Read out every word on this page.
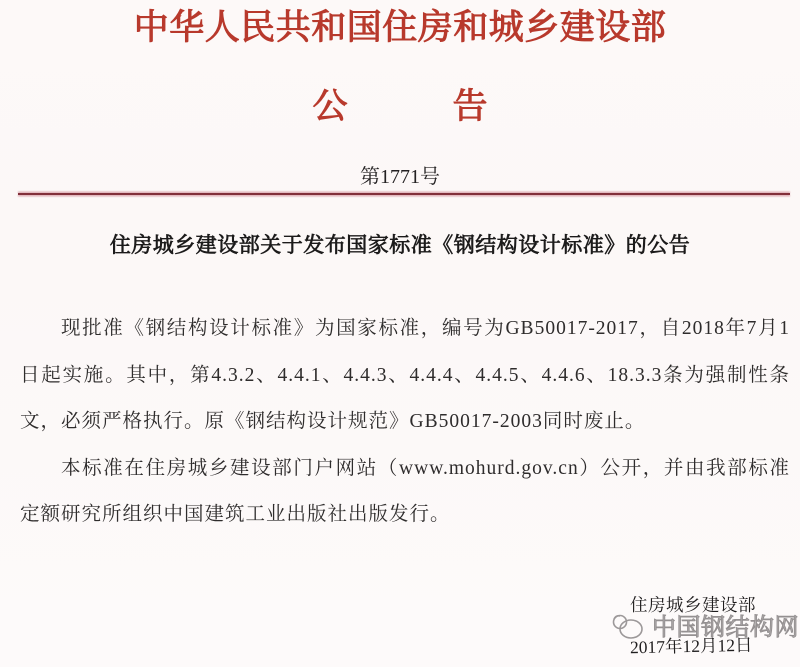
中华人民共和国住房和城乡建设部
公　　　告
第1771号
住房城乡建设部关于发布国家标准《钢结构设计标准》的公告

现批准《钢结构设计标准》为国家标准，编号为GB50017-2017，自2018年7月1日起实施。其中，第4.3.2、4.4.1、4.4.3、4.4.4、4.4.5、4.4.6、18.3.3条为强制性条文，必须严格执行。原《钢结构设计规范》GB50017-2003同时废止。

本标准在住房城乡建设部门户网站（www.mohurd.gov.cn）公开，并由我部标准定额研究所组织中国建筑工业出版社出版发行。

住房城乡建设部
中国钢结构网
2017年12月12日
